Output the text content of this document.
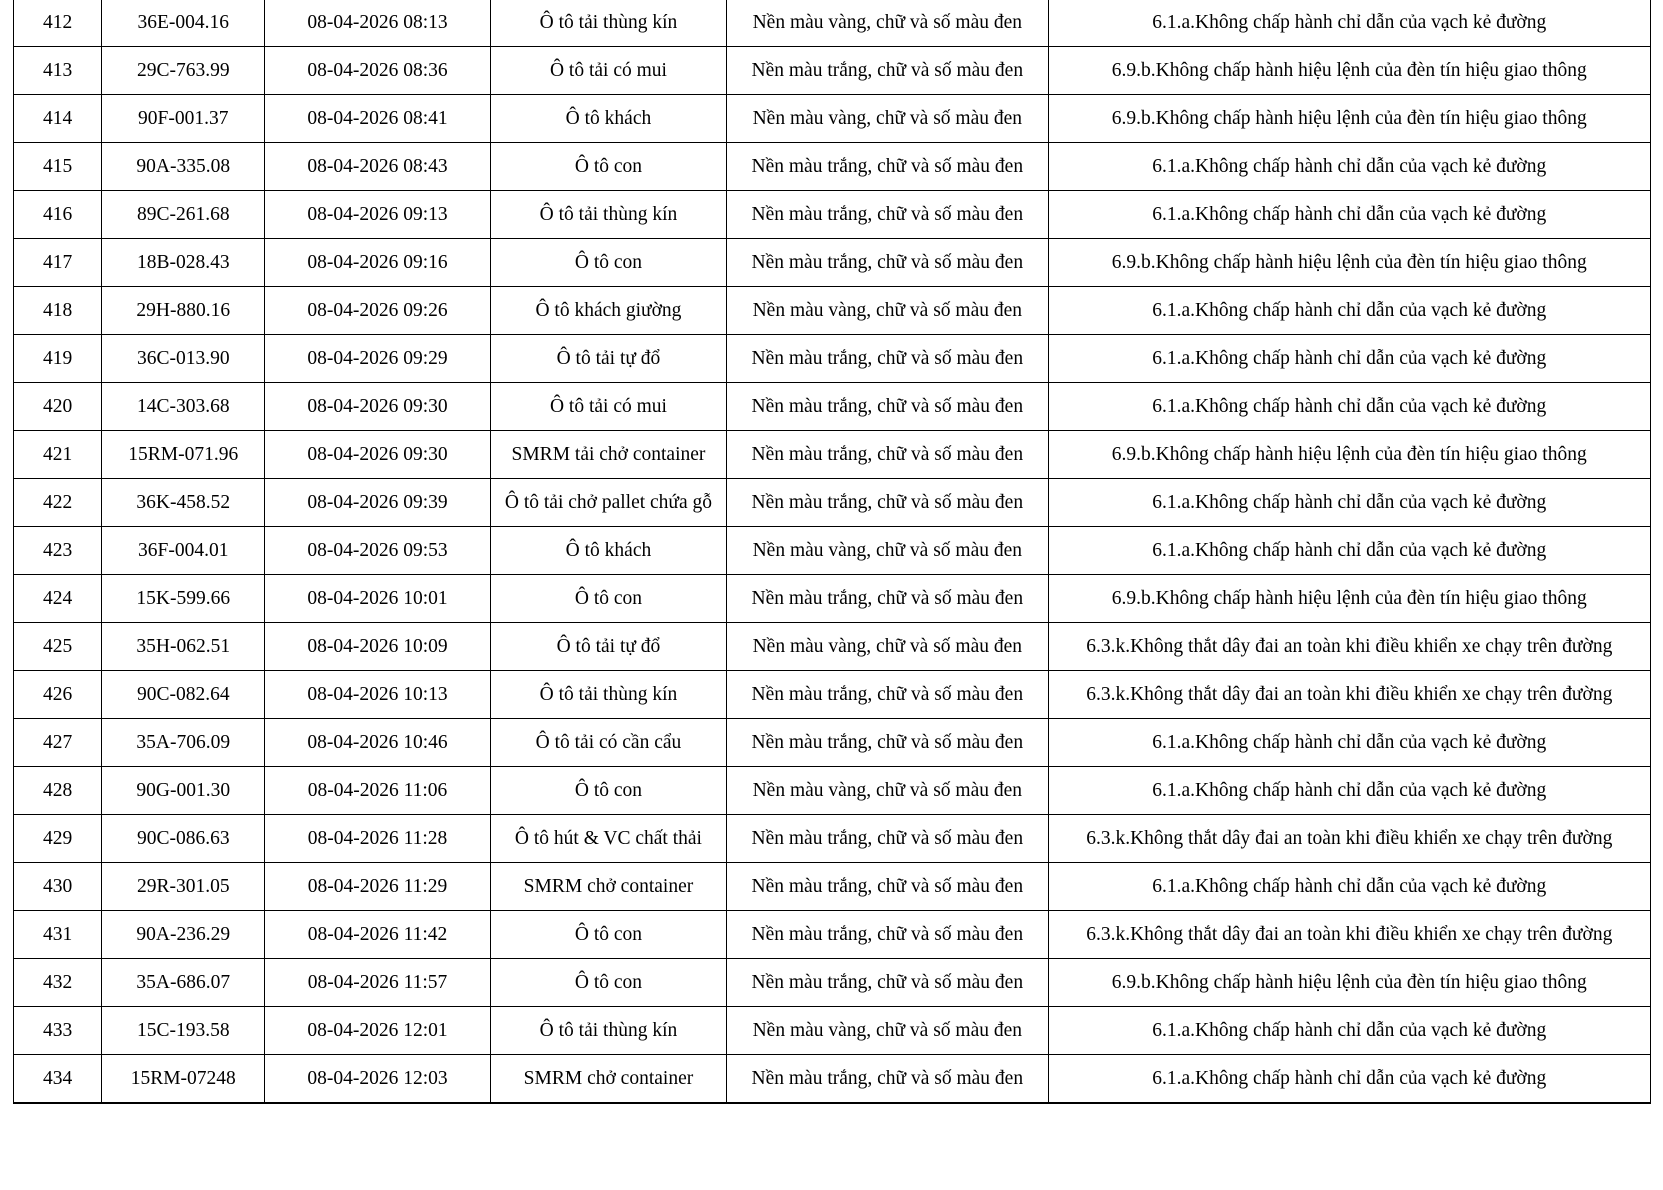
412	36E-004.16	08-04-2026 08:13	Ô tô tải thùng kín	Nền màu vàng, chữ và số màu đen	6.1.a.Không chấp hành chỉ dẫn của vạch kẻ đường
413	29C-763.99	08-04-2026 08:36	Ô tô tải có mui	Nền màu trắng, chữ và số màu đen	6.9.b.Không chấp hành hiệu lệnh của đèn tín hiệu giao thông
414	90F-001.37	08-04-2026 08:41	Ô tô khách	Nền màu vàng, chữ và số màu đen	6.9.b.Không chấp hành hiệu lệnh của đèn tín hiệu giao thông
415	90A-335.08	08-04-2026 08:43	Ô tô con	Nền màu trắng, chữ và số màu đen	6.1.a.Không chấp hành chỉ dẫn của vạch kẻ đường
416	89C-261.68	08-04-2026 09:13	Ô tô tải thùng kín	Nền màu trắng, chữ và số màu đen	6.1.a.Không chấp hành chỉ dẫn của vạch kẻ đường
417	18B-028.43	08-04-2026 09:16	Ô tô con	Nền màu trắng, chữ và số màu đen	6.9.b.Không chấp hành hiệu lệnh của đèn tín hiệu giao thông
418	29H-880.16	08-04-2026 09:26	Ô tô khách giường	Nền màu vàng, chữ và số màu đen	6.1.a.Không chấp hành chỉ dẫn của vạch kẻ đường
419	36C-013.90	08-04-2026 09:29	Ô tô tải tự đổ	Nền màu trắng, chữ và số màu đen	6.1.a.Không chấp hành chỉ dẫn của vạch kẻ đường
420	14C-303.68	08-04-2026 09:30	Ô tô tải có mui	Nền màu trắng, chữ và số màu đen	6.1.a.Không chấp hành chỉ dẫn của vạch kẻ đường
421	15RM-071.96	08-04-2026 09:30	SMRM tải chở container	Nền màu trắng, chữ và số màu đen	6.9.b.Không chấp hành hiệu lệnh của đèn tín hiệu giao thông
422	36K-458.52	08-04-2026 09:39	Ô tô tải chở pallet chứa gỗ	Nền màu trắng, chữ và số màu đen	6.1.a.Không chấp hành chỉ dẫn của vạch kẻ đường
423	36F-004.01	08-04-2026 09:53	Ô tô khách	Nền màu vàng, chữ và số màu đen	6.1.a.Không chấp hành chỉ dẫn của vạch kẻ đường
424	15K-599.66	08-04-2026 10:01	Ô tô con	Nền màu trắng, chữ và số màu đen	6.9.b.Không chấp hành hiệu lệnh của đèn tín hiệu giao thông
425	35H-062.51	08-04-2026 10:09	Ô tô tải tự đổ	Nền màu vàng, chữ và số màu đen	6.3.k.Không thắt dây đai an toàn khi điều khiển xe chạy trên đường
426	90C-082.64	08-04-2026 10:13	Ô tô tải thùng kín	Nền màu trắng, chữ và số màu đen	6.3.k.Không thắt dây đai an toàn khi điều khiển xe chạy trên đường
427	35A-706.09	08-04-2026 10:46	Ô tô tải có cần cẩu	Nền màu trắng, chữ và số màu đen	6.1.a.Không chấp hành chỉ dẫn của vạch kẻ đường
428	90G-001.30	08-04-2026 11:06	Ô tô con	Nền màu vàng, chữ và số màu đen	6.1.a.Không chấp hành chỉ dẫn của vạch kẻ đường
429	90C-086.63	08-04-2026 11:28	Ô tô hút & VC chất thải	Nền màu trắng, chữ và số màu đen	6.3.k.Không thắt dây đai an toàn khi điều khiển xe chạy trên đường
430	29R-301.05	08-04-2026 11:29	SMRM chở container	Nền màu trắng, chữ và số màu đen	6.1.a.Không chấp hành chỉ dẫn của vạch kẻ đường
431	90A-236.29	08-04-2026 11:42	Ô tô con	Nền màu trắng, chữ và số màu đen	6.3.k.Không thắt dây đai an toàn khi điều khiển xe chạy trên đường
432	35A-686.07	08-04-2026 11:57	Ô tô con	Nền màu trắng, chữ và số màu đen	6.9.b.Không chấp hành hiệu lệnh của đèn tín hiệu giao thông
433	15C-193.58	08-04-2026 12:01	Ô tô tải thùng kín	Nền màu vàng, chữ và số màu đen	6.1.a.Không chấp hành chỉ dẫn của vạch kẻ đường
434	15RM-07248	08-04-2026 12:03	SMRM chở container	Nền màu trắng, chữ và số màu đen	6.1.a.Không chấp hành chỉ dẫn của vạch kẻ đường
